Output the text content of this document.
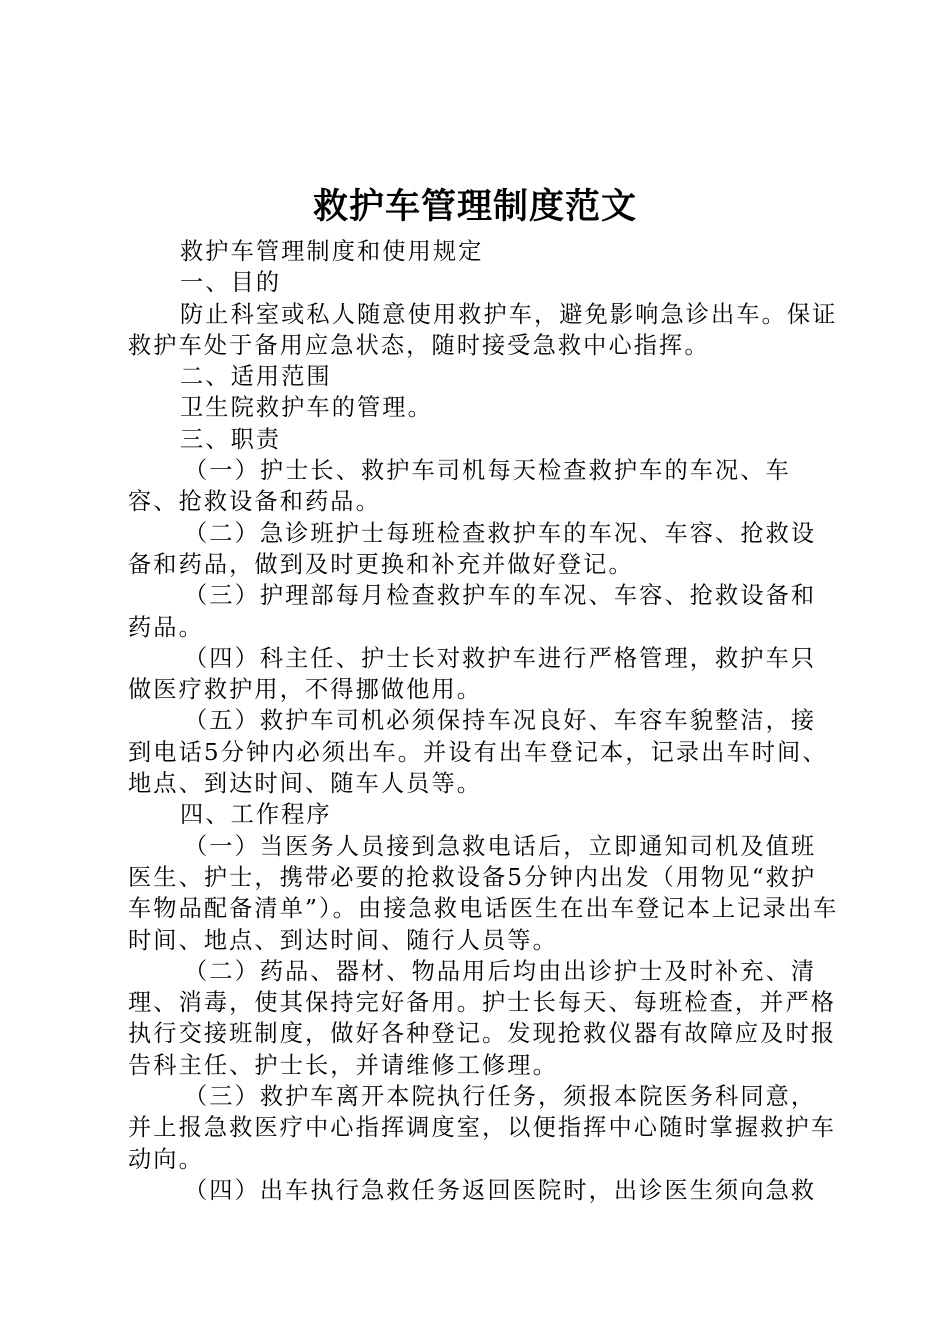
救护车管理制度范文

救护车管理制度和使用规定

一、目的

防止科室或私人随意使用救护车，避免影响急诊出车。保证救护车处于备用应急状态，随时接受急救中心指挥。

二、适用范围

卫生院救护车的管理。

三、职责

（一）护士长、救护车司机每天检查救护车的车况、车容、抢救设备和药品。

（二）急诊班护士每班检查救护车的车况、车容、抢救设备和药品，做到及时更换和补充并做好登记。

（三）护理部每月检查救护车的车况、车容、抢救设备和药品。

（四）科主任、护士长对救护车进行严格管理，救护车只做医疗救护用，不得挪做他用。

（五）救护车司机必须保持车况良好、车容车貌整洁，接到电话5分钟内必须出车。并设有出车登记本，记录出车时间、地点、到达时间、随车人员等。

四、工作程序

（一）当医务人员接到急救电话后，立即通知司机及值班医生、护士，携带必要的抢救设备5分钟内出发（用物见“救护车物品配备清单”）。由接急救电话医生在出车登记本上记录出车时间、地点、到达时间、随行人员等。

（二）药品、器材、物品用后均由出诊护士及时补充、清理、消毒，使其保持完好备用。护士长每天、每班检查，并严格执行交接班制度，做好各种登记。发现抢救仪器有故障应及时报告科主任、护士长，并请维修工修理。

（三）救护车离开本院执行任务，须报本院医务科同意，并上报急救医疗中心指挥调度室，以便指挥中心随时掌握救护车动向。

（四）出车执行急救任务返回医院时，出诊医生须向急救
